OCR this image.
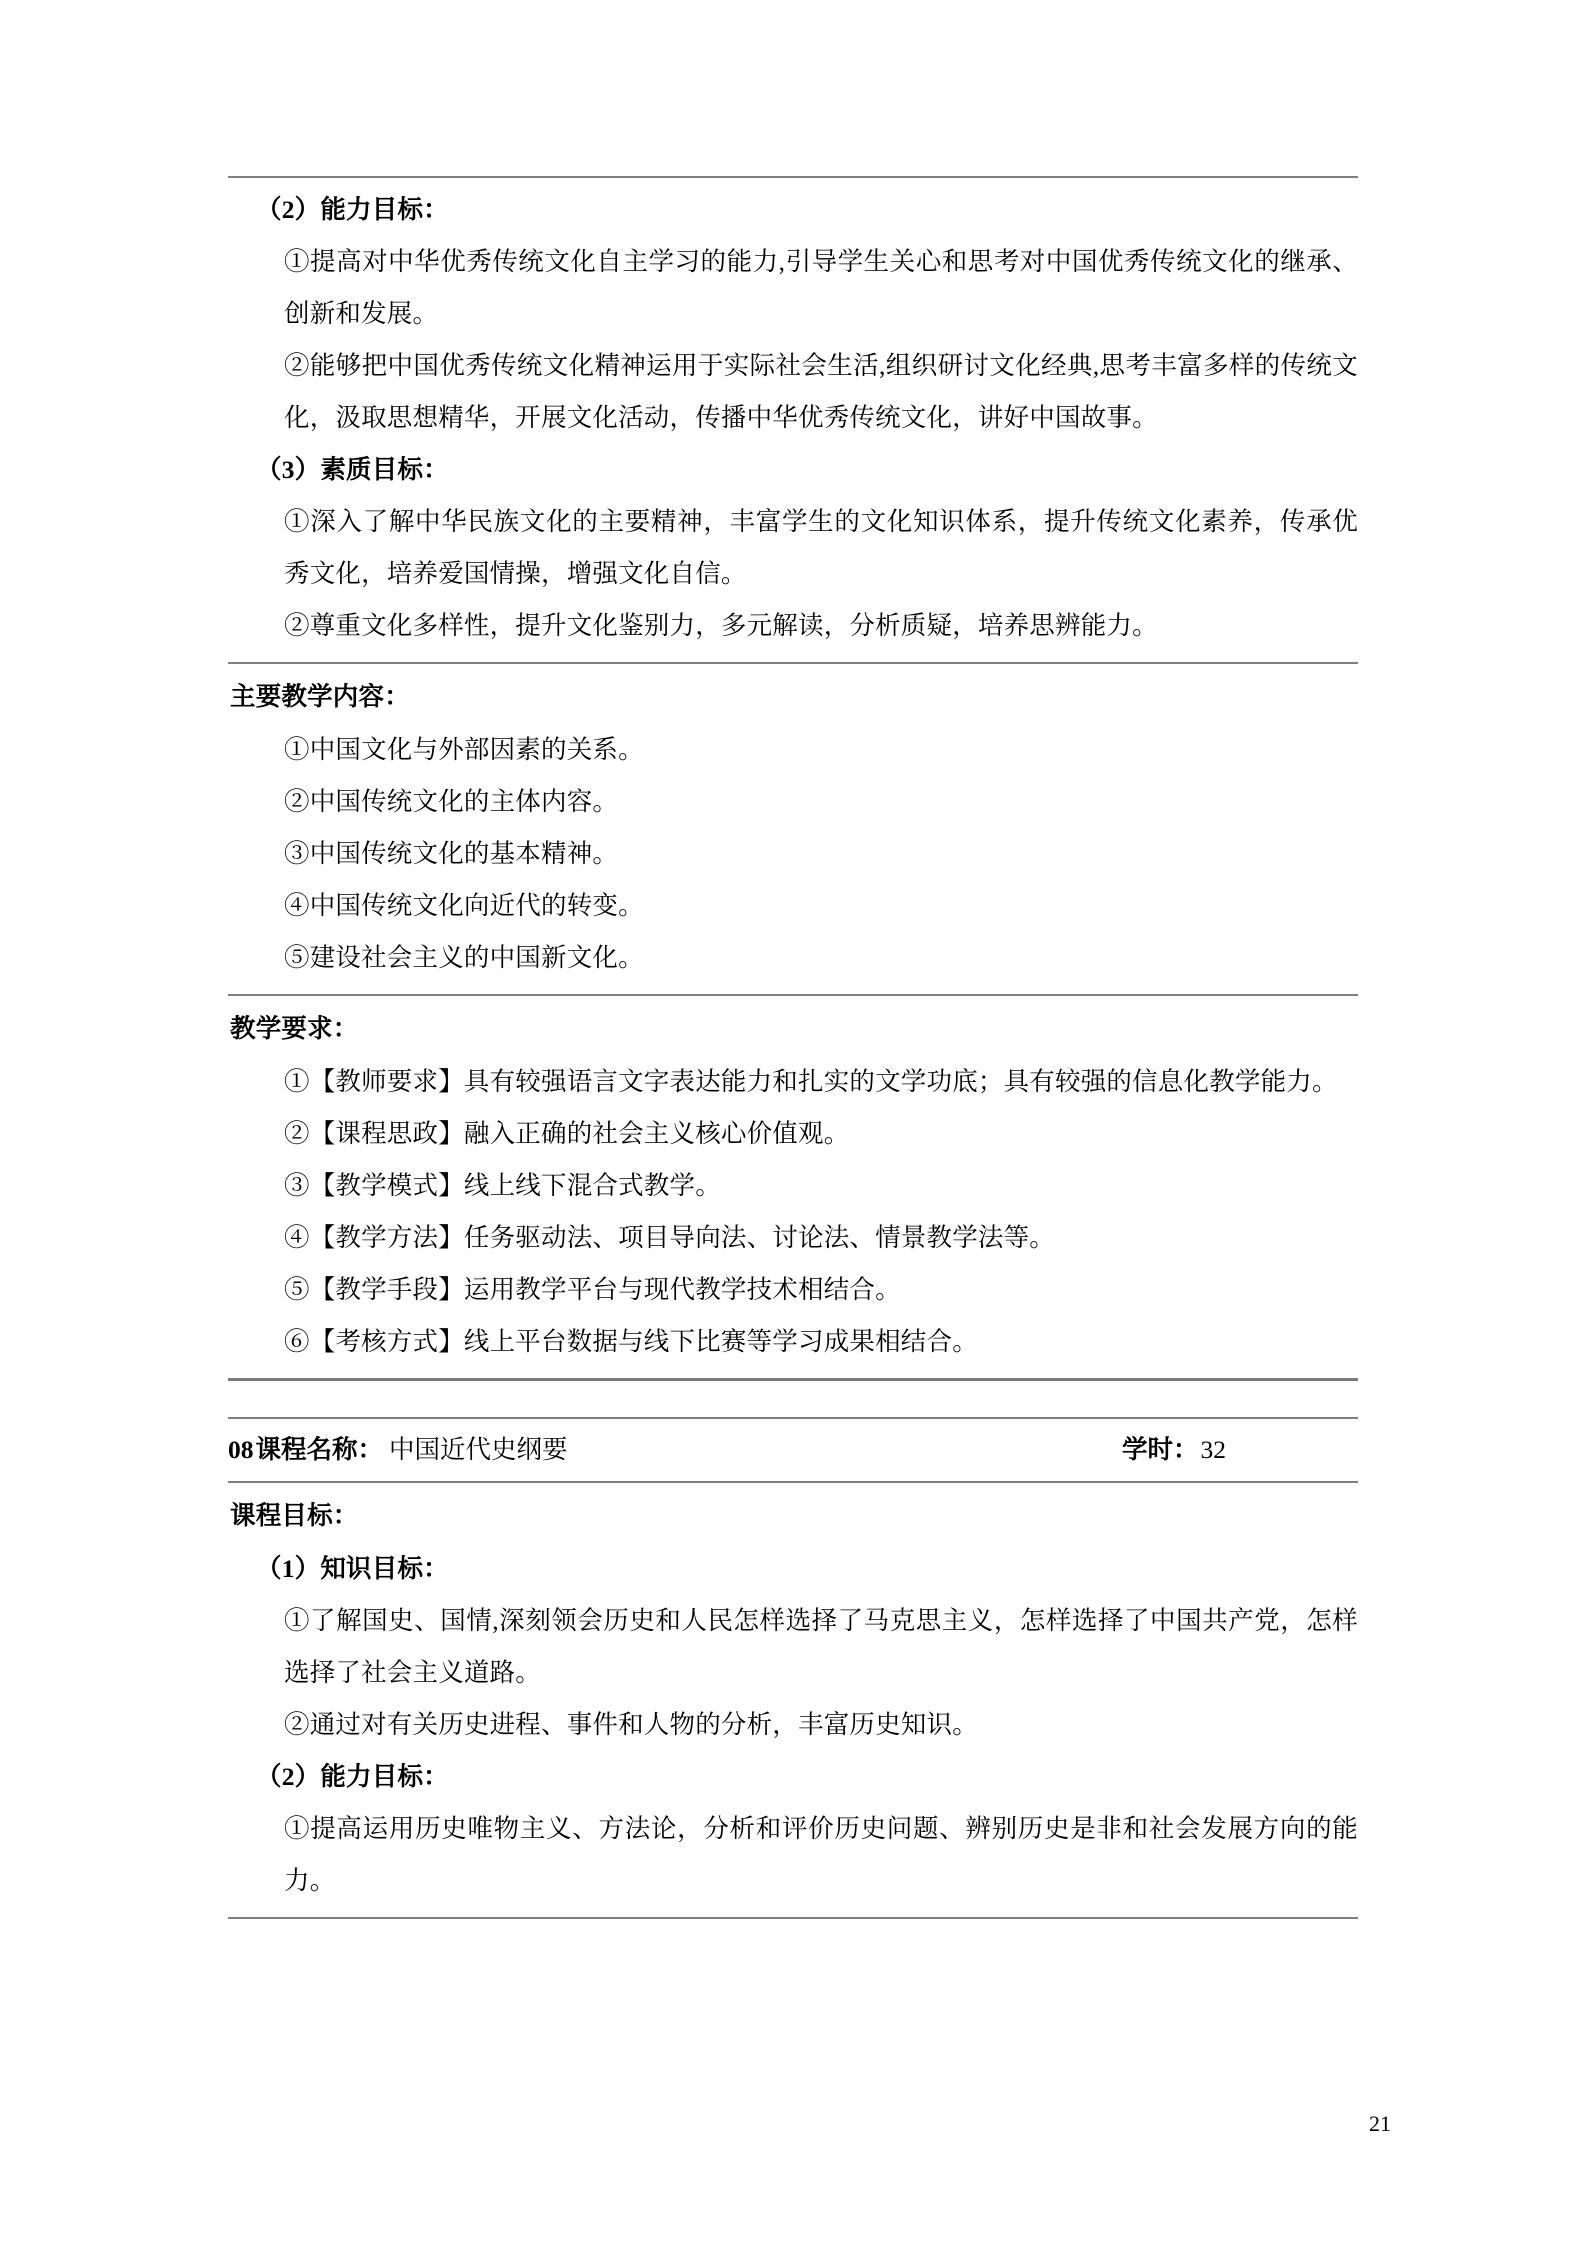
（2）能力目标：
①提高对中华优秀传统文化自主学习的能力,引导学生关心和思考对中国优秀传统文化的继承、创新和发展。
②能够把中国优秀传统文化精神运用于实际社会生活,组织研讨文化经典,思考丰富多样的传统文化，汲取思想精华，开展文化活动，传播中华优秀传统文化，讲好中国故事。
（3）素质目标：
①深入了解中华民族文化的主要精神，丰富学生的文化知识体系，提升传统文化素养，传承优秀文化，培养爱国情操，增强文化自信。
②尊重文化多样性，提升文化鉴别力，多元解读，分析质疑，培养思辨能力。
主要教学内容：
①中国文化与外部因素的关系。
②中国传统文化的主体内容。
③中国传统文化的基本精神。
④中国传统文化向近代的转变。
⑤建设社会主义的中国新文化。
教学要求：
①【教师要求】具有较强语言文字表达能力和扎实的文学功底；具有较强的信息化教学能力。
②【课程思政】融入正确的社会主义核心价值观。
③【教学模式】线上线下混合式教学。
④【教学方法】任务驱动法、项目导向法、讨论法、情景教学法等。
⑤【教学手段】运用教学平台与现代教学技术相结合。
⑥【考核方式】线上平台数据与线下比赛等学习成果相结合。
08 课程名称： 中国近代史纲要	学时： 32
课程目标：
（1）知识目标：
①了解国史、国情,深刻领会历史和人民怎样选择了马克思主义，怎样选择了中国共产党，怎样选择了社会主义道路。
②通过对有关历史进程、事件和人物的分析，丰富历史知识。
（2）能力目标：
①提高运用历史唯物主义、方法论，分析和评价历史问题、辨别历史是非和社会发展方向的能力。
21
